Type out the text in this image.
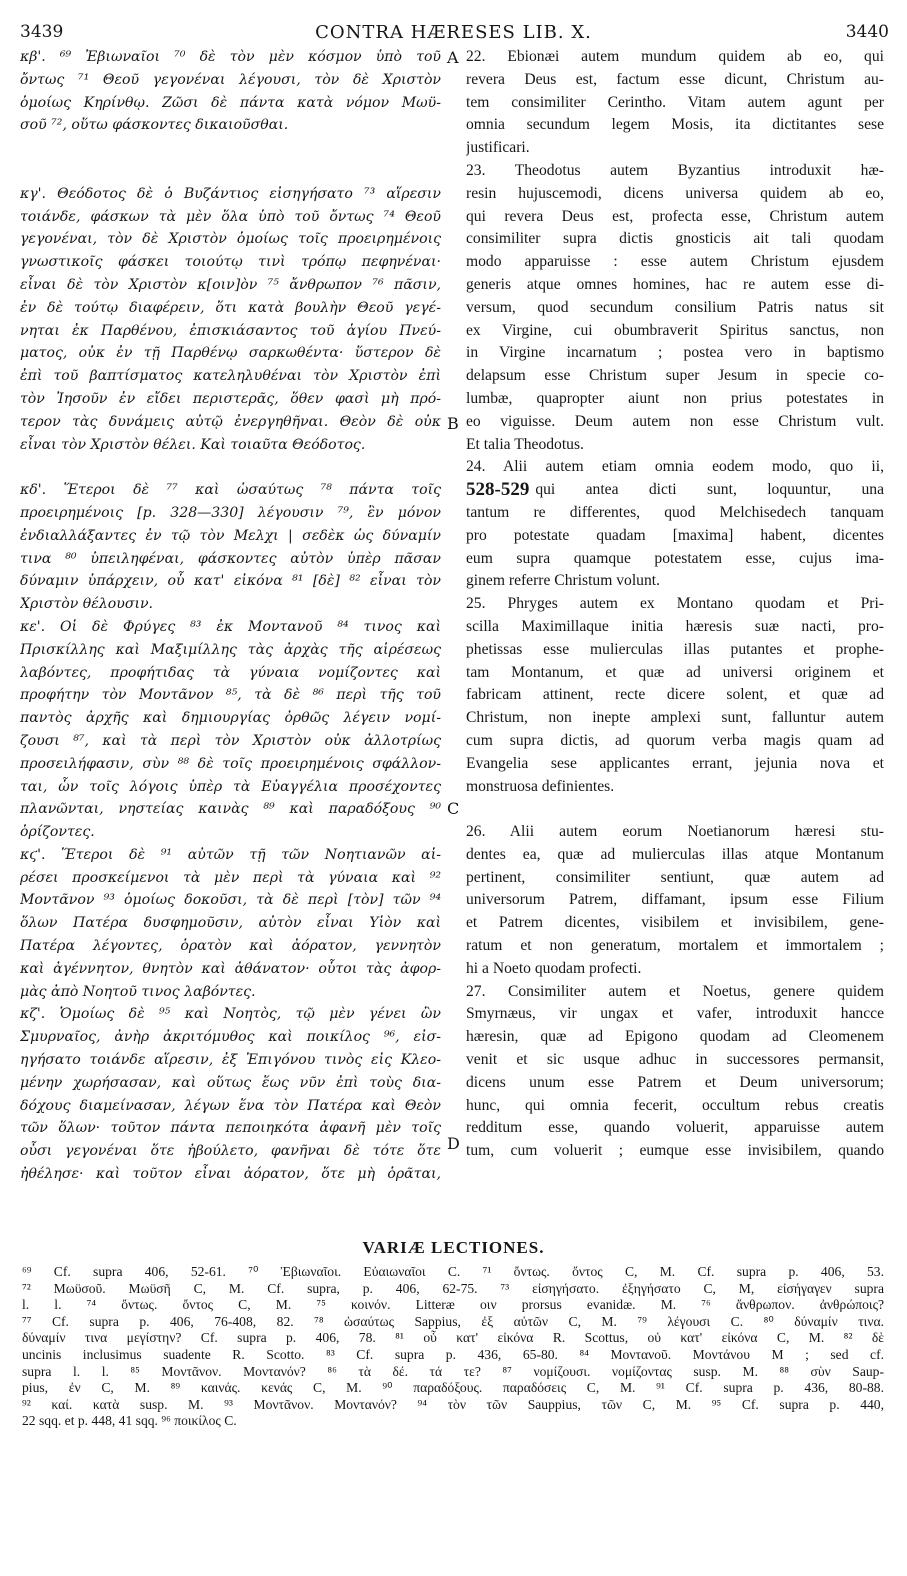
3439	CONTRA HÆRESES LIB. X.	3440
κβ'. ⁶⁹ Ἐβιωναῖοι ⁷⁰ δὲ τὸν μὲν κόσμον ὑπὸ τοῦ
ὄντως ⁷¹ Θεοῦ γεγονέναι λέγουσι, τὸν δὲ Χριστὸν
ὁμοίως Κηρίνθῳ. Ζῶσι δὲ πάντα κατὰ νόμον Μωϋ-
σοῦ ⁷², οὕτω φάσκοντες δικαιοῦσθαι.
κγ'. Θεόδοτος δὲ ὁ Βυζάντιος εἰσηγήσατο ⁷³ αἵρεσιν
τοιάνδε, φάσκων τὰ μὲν ὅλα ὑπὸ τοῦ ὄντως ⁷⁴ Θεοῦ
γεγονέναι, τὸν δὲ Χριστὸν ὁμοίως τοῖς προειρημένοις
γνωστικοῖς φάσκει τοιούτῳ τινὶ τρόπῳ πεφηνέναι·
εἶναι δὲ τὸν Χριστὸν κ[οιν]ὸν ⁷⁵ ἄνθρωπον ⁷⁶ πᾶσιν,
ἐν δὲ τούτῳ διαφέρειν, ὅτι κατὰ βουλὴν Θεοῦ γεγέ-
νηται ἐκ Παρθένου, ἐπισκιάσαντος τοῦ ἁγίου Πνεύ-
ματος, οὐκ ἐν τῇ Παρθένῳ σαρκωθέντα· ὕστερον δὲ
ἐπὶ τοῦ βαπτίσματος κατεληλυθέναι τὸν Χριστὸν ἐπὶ
τὸν Ἰησοῦν ἐν εἴδει περιστερᾶς, ὅθεν φασὶ μὴ πρό-
τερον τὰς δυνάμεις αὐτῷ ἐνεργηθῆναι. Θεὸν δὲ οὐκ
εἶναι τὸν Χριστὸν θέλει. Καὶ τοιαῦτα Θεόδοτος.
κδ'. Ἕτεροι δὲ ⁷⁷ καὶ ὡσαύτως ⁷⁸ πάντα τοῖς
προειρημένοις [p. 328—330] λέγουσιν ⁷⁹, ἓν μόνον
ἐνδιαλλάξαντες ἐν τῷ τὸν Μελχι | σεδὲκ ὡς δύναμίν
τινα ⁸⁰ ὑπειληφέναι, φάσκοντες αὐτὸν ὑπὲρ πᾶσαν
δύναμιν ὑπάρχειν, οὗ κατ' εἰκόνα ⁸¹ [δὲ] ⁸² εἶναι τὸν
Χριστὸν θέλουσιν.
κε'. Οἱ δὲ Φρύγες ⁸³ ἐκ Μοντανοῦ ⁸⁴ τινος καὶ
Πρισκίλλης καὶ Μαξιμίλλης τὰς ἀρχὰς τῆς αἱρέσεως
λαβόντες, προφήτιδας τὰ γύναια νομίζοντες καὶ
προφήτην τὸν Μοντᾶνον ⁸⁵, τὰ δὲ ⁸⁶ περὶ τῆς τοῦ
παντὸς ἀρχῆς καὶ δημιουργίας ὀρθῶς λέγειν νομί-
ζουσι ⁸⁷, καὶ τὰ περὶ τὸν Χριστὸν οὐκ ἀλλοτρίως
προσειλήφασιν, σὺν ⁸⁸ δὲ τοῖς προειρημένοις σφάλλον-
ται, ὧν τοῖς λόγοις ὑπὲρ τὰ Εὐαγγέλια προσέχοντες
πλανῶνται, νηστείας καινὰς ⁸⁹ καὶ παραδόξους ⁹⁰
ὁρίζοντες.
κϛ'. Ἕτεροι δὲ ⁹¹ αὐτῶν τῇ τῶν Νοητιανῶν αἱ-
ρέσει προσκείμενοι τὰ μὲν περὶ τὰ γύναια καὶ ⁹²
Μοντᾶνον ⁹³ ὁμοίως δοκοῦσι, τὰ δὲ περὶ [τὸν] τῶν ⁹⁴
ὅλων Πατέρα δυσφημοῦσιν, αὐτὸν εἶναι Υἱὸν καὶ
Πατέρα λέγοντες, ὁρατὸν καὶ ἀόρατον, γεννητὸν
καὶ ἀγέννητον, θνητὸν καὶ ἀθάνατον· οὗτοι τὰς ἀφορ-
μὰς ἀπὸ Νοητοῦ τινος λαβόντες.
κζ'. Ὁμοίως δὲ ⁹⁵ καὶ Νοητὸς, τῷ μὲν γένει ὢν
Σμυρναῖος, ἀνὴρ ἀκριτόμυθος καὶ ποικίλος ⁹⁶, εἰσ-
ηγήσατο τοιάνδε αἵρεσιν, ἐξ Ἐπιγόνου τινὸς εἰς Κλεο-
μένην χωρήσασαν, καὶ οὕτως ἕως νῦν ἐπὶ τοὺς δια-
δόχους διαμείνασαν, λέγων ἕνα τὸν Πατέρα καὶ Θεὸν
τῶν ὅλων· τοῦτον πάντα πεποιηκότα ἀφανῆ μὲν τοῖς
οὖσι γεγονέναι ὅτε ἠβούλετο, φανῆναι δὲ τότε ὅτε
ἠθέλησε· καὶ τοῦτον εἶναι ἀόρατον, ὅτε μὴ ὁρᾶται,
A
B
C
D
22. Ebionæi autem mundum quidem ab eo, qui
revera Deus est, factum esse dicunt, Christum au-
tem consimiliter Cerintho. Vitam autem agunt per
omnia secundum legem Mosis, ita dictitantes sese
justificari.
23. Theodotus autem Byzantius introduxit hæ-
resin hujuscemodi, dicens universa quidem ab eo,
qui revera Deus est, profecta esse, Christum autem
consimiliter supra dictis gnosticis ait tali quodam
modo apparuisse : esse autem Christum ejusdem
generis atque omnes homines, hac re autem esse di-
versum, quod secundum consilium Patris natus sit
ex Virgine, cui obumbraverit Spiritus sanctus, non
in Virgine incarnatum ; postea vero in baptismo
delapsum esse Christum super Jesum in specie co-
lumbæ, quapropter aiunt non prius potestates in
eo viguisse. Deum autem non esse Christum vult.
Et talia Theodotus.
24. Alii autem etiam omnia eodem modo, quo ii,
528-529 qui antea dicti sunt, loquuntur, una
tantum re differentes, quod Melchisedech tanquam
pro potestate quadam [maxima] habent, dicentes
eum supra quamque potestatem esse, cujus ima-
ginem referre Christum volunt.
25. Phryges autem ex Montano quodam et Pri-
scilla Maximillaque initia hæresis suæ nacti, pro-
phetissas esse mulierculas illas putantes et prophe-
tam Montanum, et quæ ad universi originem et
fabricam attinent, recte dicere solent, et quæ ad
Christum, non inepte amplexi sunt, falluntur autem
cum supra dictis, ad quorum verba magis quam ad
Evangelia sese applicantes errant, jejunia nova et
monstruosa definientes.
26. Alii autem eorum Noetianorum hæresi stu-
dentes ea, quæ ad mulierculas illas atque Montanum
pertinent, consimiliter sentiunt, quæ autem ad
universorum Patrem, diffamant, ipsum esse Filium
et Patrem dicentes, visibilem et invisibilem, gene-
ratum et non generatum, mortalem et immortalem ;
hi a Noeto quodam profecti.
27. Consimiliter autem et Noetus, genere quidem
Smyrnæus, vir ungax et vafer, introduxit hancce
hæresin, quæ ad Epigono quodam ad Cleomenem
venit et sic usque adhuc in successores permansit,
dicens unum esse Patrem et Deum universorum;
hunc, qui omnia fecerit, occultum rebus creatis
redditum esse, quando voluerit, apparuisse autem
tum, cum voluerit ; eumque esse invisibilem, quando
VARIÆ LECTIONES.
⁶⁹ Cf. supra 406, 52-61. ⁷⁰ Ἐβιωναῖοι. Εὐαιωναῖοι C. ⁷¹ ὄντως. ὄντος C, M. Cf. supra p. 406, 53.
⁷² Μωϋσοῦ. Μωϋσῆ C, M. Cf. supra, p. 406, 62-75. ⁷³ εἰσηγήσατο. ἐξηγήσατο C, M, εἰσήγαγεν supra
l. l. ⁷⁴ ὄντως. ὄντος C, M. ⁷⁵ κοινόν. Litteræ οιν prorsus evanidæ. M. ⁷⁶ ἄνθρωπον. ἀνθρώποις?
⁷⁷ Cf. supra p. 406, 76-408, 82. ⁷⁸ ὡσαύτως Sappius, ἐξ αὐτῶν C, M. ⁷⁹ λέγουσι C. ⁸⁰ δύναμίν τινα.
δύναμίν τινα μεγίστην? Cf. supra p. 406, 78. ⁸¹ οὗ κατ' εἰκόνα R. Scottus, οὐ κατ' εἰκόνα C, M. ⁸² δὲ
uncinis inclusimus suadente R. Scotto. ⁸³ Cf. supra p. 436, 65-80. ⁸⁴ Μοντανοῦ. Μοντάνου M ; sed cf.
supra l. l. ⁸⁵ Μοντᾶνον. Μοντανόν? ⁸⁶ τὰ δέ. τά τε? ⁸⁷ νομίζουσι. νομίζοντας susp. M. ⁸⁸ σὺν Saup-
pius, ἐν C, M. ⁸⁹ καινάς. κενάς C, M. ⁹⁰ παραδόξους. παραδόσεις C, M. ⁹¹ Cf. supra p. 436, 80-88.
⁹² καί. κατὰ susp. M. ⁹³ Μοντᾶνον. Μοντανόν? ⁹⁴ τὸν τῶν Sauppius, τῶν C, M. ⁹⁵ Cf. supra p. 440,
22 sqq. et p. 448, 41 sqq. ⁹⁶ ποικίλος C.
